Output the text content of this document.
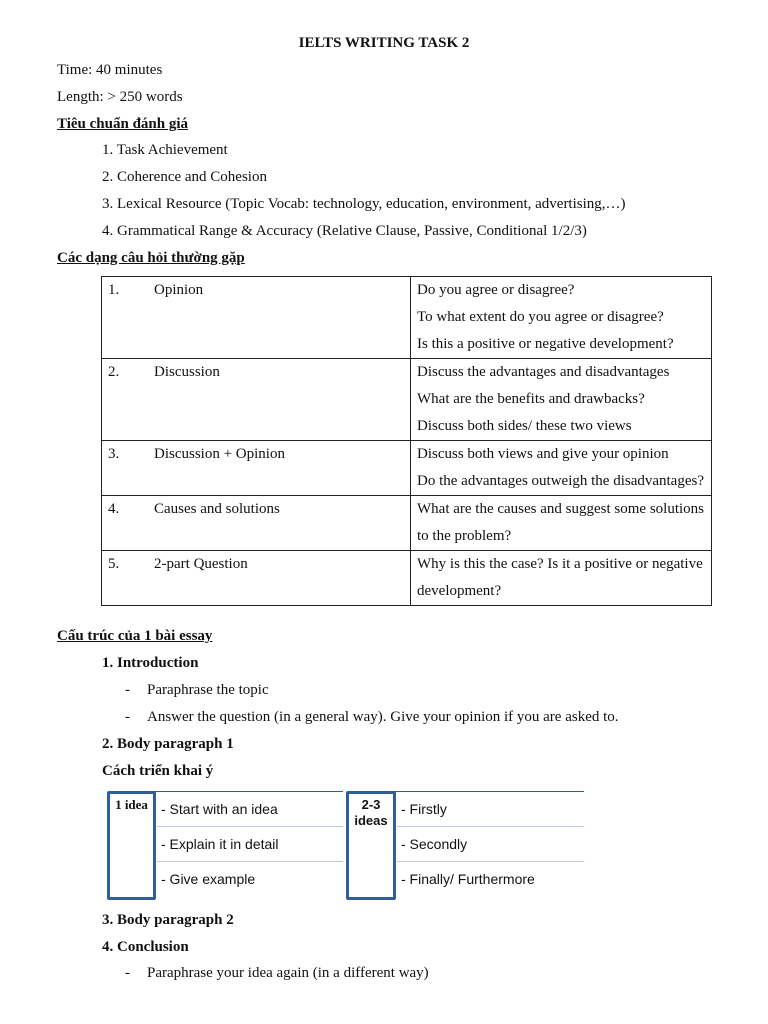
IELTS WRITING TASK 2
Time: 40 minutes
Length: > 250 words
Tiêu chuẩn đánh giá
1. Task Achievement
2. Coherence and Cohesion
3. Lexical Resource (Topic Vocab: technology, education, environment, advertising,…)
4. Grammatical Range & Accuracy (Relative Clause, Passive, Conditional 1/2/3)
Các dạng câu hỏi thường gặp
1. Opinion	Do you agree or disagree?
To what extent do you agree or disagree?
Is this a positive or negative development?

2. Discussion	Discuss the advantages and disadvantages
What are the benefits and drawbacks?
Discuss both sides/ these two views

3. Discussion + Opinion	Discuss both views and give your opinion
Do the advantages outweigh the disadvantages?

4. Causes and solutions	What are the causes and suggest some solutions
to the problem?

5. 2-part Question	Why is this the case? Is it a positive or negative
development?
Cấu trúc của 1 bài essay
1. Introduction
- Paraphrase the topic
- Answer the question (in a general way). Give your opinion if you are asked to.
2. Body paragraph 1
Cách triển khai ý
1 idea - Start with an idea
- Explain it in detail
- Give example
2-3
ideas
- Firstly
- Secondly
- Finally/ Furthermore
3. Body paragraph 2
4. Conclusion
- Paraphrase your idea again (in a different way)
